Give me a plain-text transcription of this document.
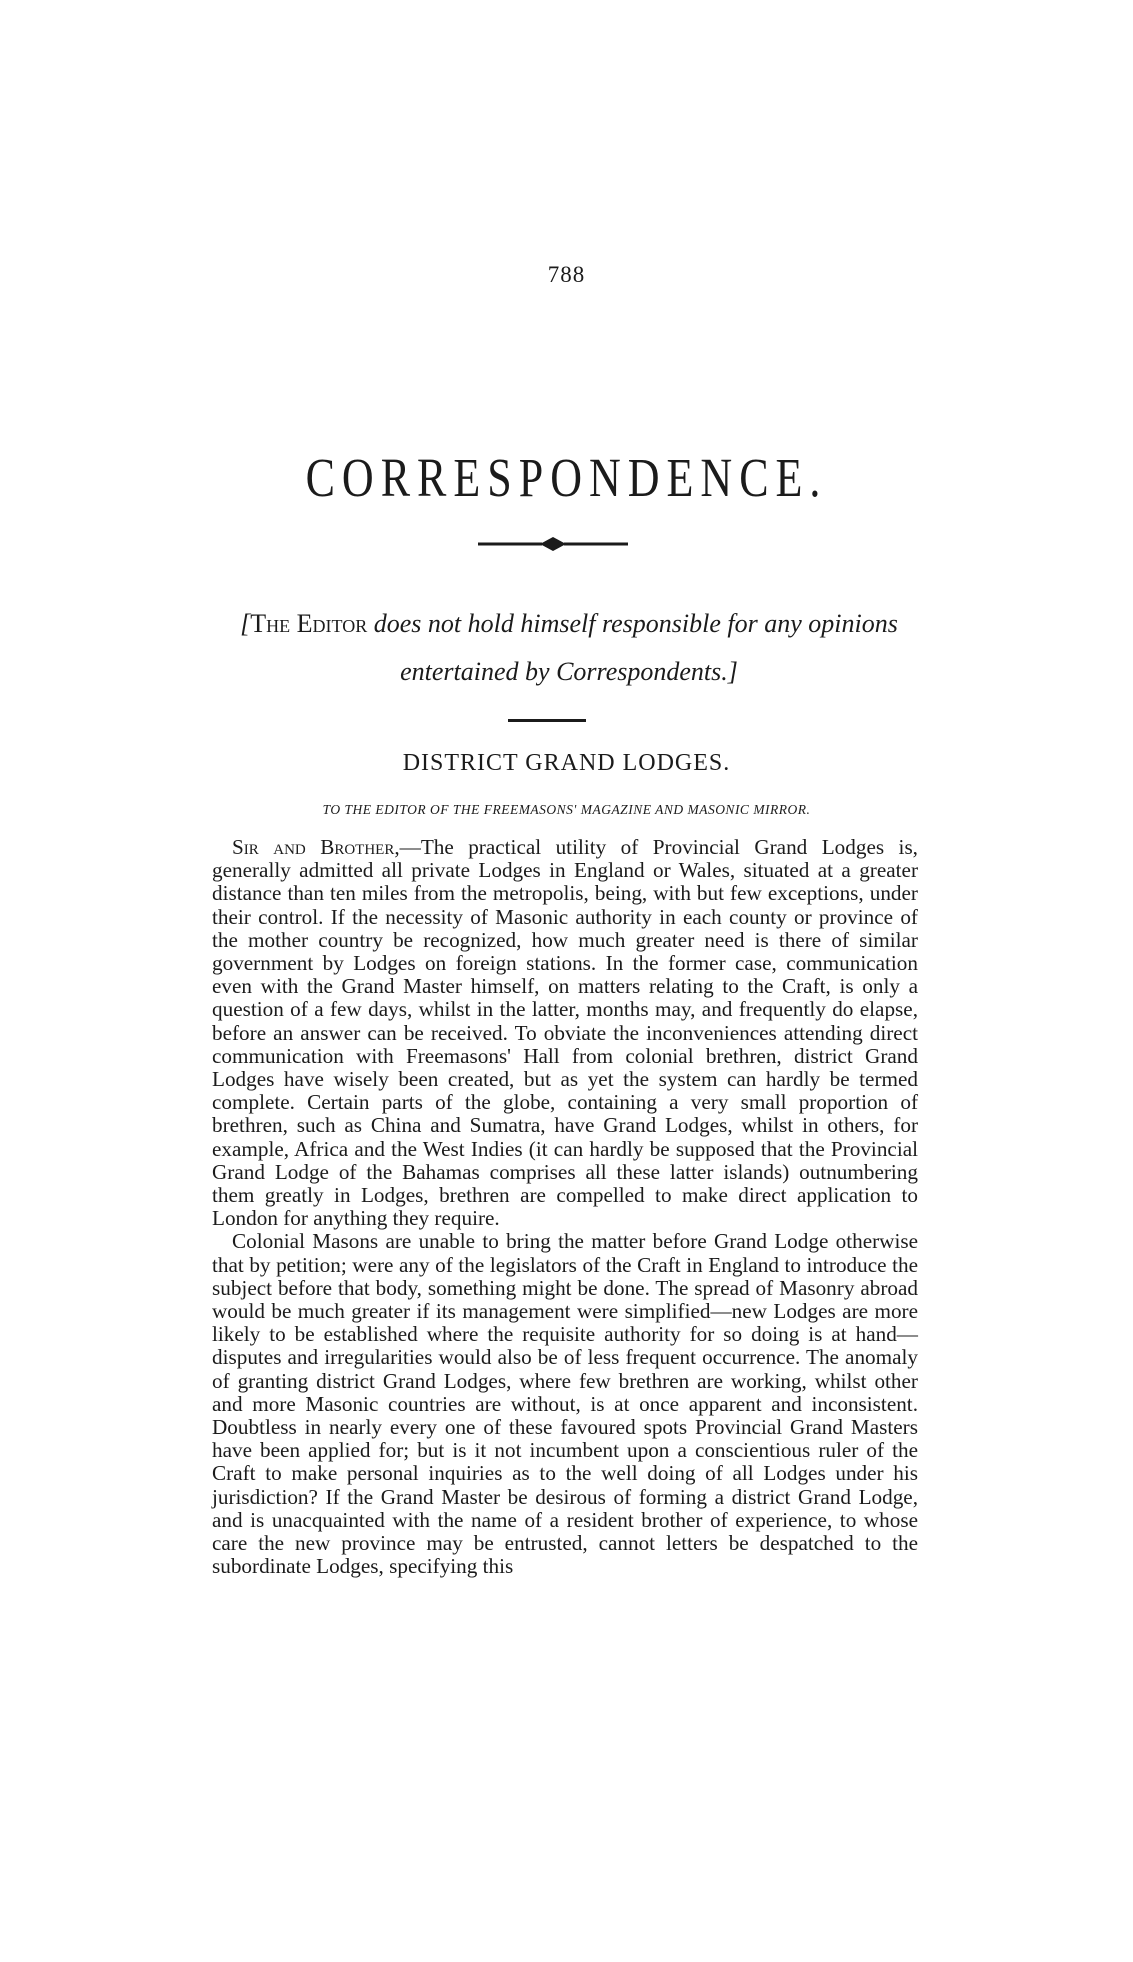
788
CORRESPONDENCE.
[The Editor does not hold himself responsible for any opinions entertained by Correspondents.]
DISTRICT GRAND LODGES.
TO THE EDITOR OF THE FREEMASONS' MAGAZINE AND MASONIC MIRROR.

Sir and Brother,—The practical utility of Provincial Grand Lodges is, generally admitted all private Lodges in England or Wales, situated at a greater distance than ten miles from the metropolis, being, with but few exceptions, under their control. If the necessity of Masonic authority in each county or province of the mother country be recognized, how much greater need is there of similar government by Lodges on foreign stations. In the former case, communication even with the Grand Master himself, on matters relating to the Craft, is only a question of a few days, whilst in the latter, months may, and frequently do elapse, before an answer can be received. To obviate the inconveniences attending direct communication with Freemasons' Hall from colonial brethren, district Grand Lodges have wisely been created, but as yet the system can hardly be termed complete. Certain parts of the globe, containing a very small proportion of brethren, such as China and Sumatra, have Grand Lodges, whilst in others, for example, Africa and the West Indies (it can hardly be supposed that the Provincial Grand Lodge of the Bahamas comprises all these latter islands) outnumbering them greatly in Lodges, brethren are compelled to make direct application to London for anything they require.

Colonial Masons are unable to bring the matter before Grand Lodge otherwise that by petition; were any of the legislators of the Craft in England to introduce the subject before that body, something might be done. The spread of Masonry abroad would be much greater if its management were simplified—new Lodges are more likely to be established where the requisite authority for so doing is at hand—disputes and irregularities would also be of less frequent occurrence. The anomaly of granting district Grand Lodges, where few brethren are working, whilst other and more Masonic countries are without, is at once apparent and inconsistent. Doubtless in nearly every one of these favoured spots Provincial Grand Masters have been applied for; but is it not incumbent upon a conscientious ruler of the Craft to make personal inquiries as to the well doing of all Lodges under his jurisdiction? If the Grand Master be desirous of forming a district Grand Lodge, and is unacquainted with the name of a resident brother of experience, to whose care the new province may be entrusted, cannot letters be despatched to the subordinate Lodges, specifying this
